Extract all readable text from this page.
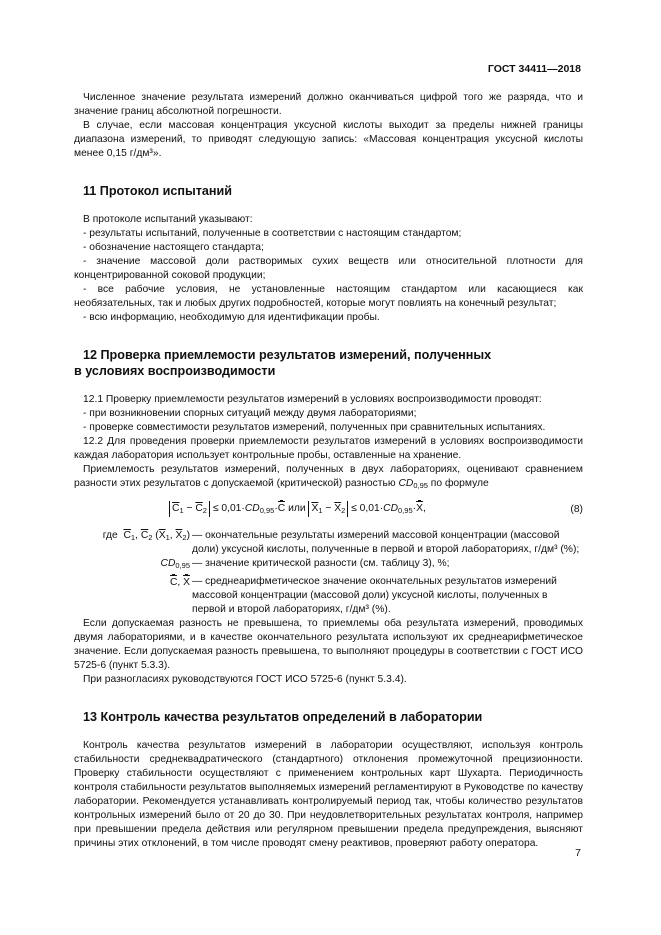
ГОСТ 34411—2018

Численное значение результата измерений должно оканчиваться цифрой того же разряда, что и значение границ абсолютной погрешности.

В случае, если массовая концентрация уксусной кислоты выходит за пределы нижней границы диапазона измерений, то приводят следующую запись: «Массовая концентрация уксусной кислоты менее 0,15 г/дм³».

11 Протокол испытаний

В протоколе испытаний указывают:

- результаты испытаний, полученные в соответствии с настоящим стандартом;

- обозначение настоящего стандарта;

- значение массовой доли растворимых сухих веществ или относительной плотности для концентрированной соковой продукции;

- все рабочие условия, не установленные настоящим стандартом или касающиеся как необязательных, так и любых других подробностей, которые могут повлиять на конечный результат;

- всю информацию, необходимую для идентификации пробы.

12 Проверка приемлемости результатов измерений, полученных
в условиях воспроизводимости

12.1 Проверку приемлемости результатов измерений в условиях воспроизводимости проводят:

- при возникновении спорных ситуаций между двумя лабораториями;

- проверке совместимости результатов измерений, полученных при сравнительных испытаниях.

12.2 Для проведения проверки приемлемости результатов измерений в условиях воспроизводимости каждая лаборатория использует контрольные пробы, оставленные на хранение.

Приемлемость результатов измерений, полученных в двух лабораториях, оценивают сравнением разности этих результатов с допускаемой (критической) разностью $CD_{0,95}$ по формуле

$\overline{C}_1 - \overline{C}_2 \le 0,01\cdot CD_{0,95}\cdot C$ или $\overline{X}_1 - \overline{X}_2 \le 0,01\cdot CD_{0,95}\cdot X$,	(8)
где $\overline{C}_1$, $\overline{C}_2$ ($\overline{X}_1$, $\overline{X}_2$) — окончательные результаты измерений массовой концентрации (массовой доли) уксусной кислоты, полученные в первой и второй лабораториях, г/дм³ (%);
$CD_{0,95}$ — значение критической разности (см. таблицу 3), %;
C, X — среднеарифметическое значение окончательных результатов измерений массовой концентрации (массовой доли) уксусной кислоты, полученных в первой и второй лабораториях, г/дм³ (%).

Если допускаемая разность не превышена, то приемлемы оба результата измерений, проводимых двумя лабораториями, и в качестве окончательного результата используют их среднеарифметическое значение. Если допускаемая разность превышена, то выполняют процедуры в соответствии с ГОСТ ИСО 5725-6 (пункт 5.3.3).

При разногласиях руководствуются ГОСТ ИСО 5725-6 (пункт 5.3.4).

13 Контроль качества результатов определений в лаборатории

Контроль качества результатов измерений в лаборатории осуществляют, используя контроль стабильности среднеквадратического (стандартного) отклонения промежуточной прецизионности. Проверку стабильности осуществляют с применением контрольных карт Шухарта. Периодичность контроля стабильности результатов выполняемых измерений регламентируют в Руководстве по качеству лаборатории. Рекомендуется устанавливать контролируемый период так, чтобы количество результатов контрольных измерений было от 20 до 30. При неудовлетворительных результатах контроля, например при превышении предела действия или регулярном превышении предела предупреждения, выясняют причины этих отклонений, в том числе проводят смену реактивов, проверяют работу оператора.

7
